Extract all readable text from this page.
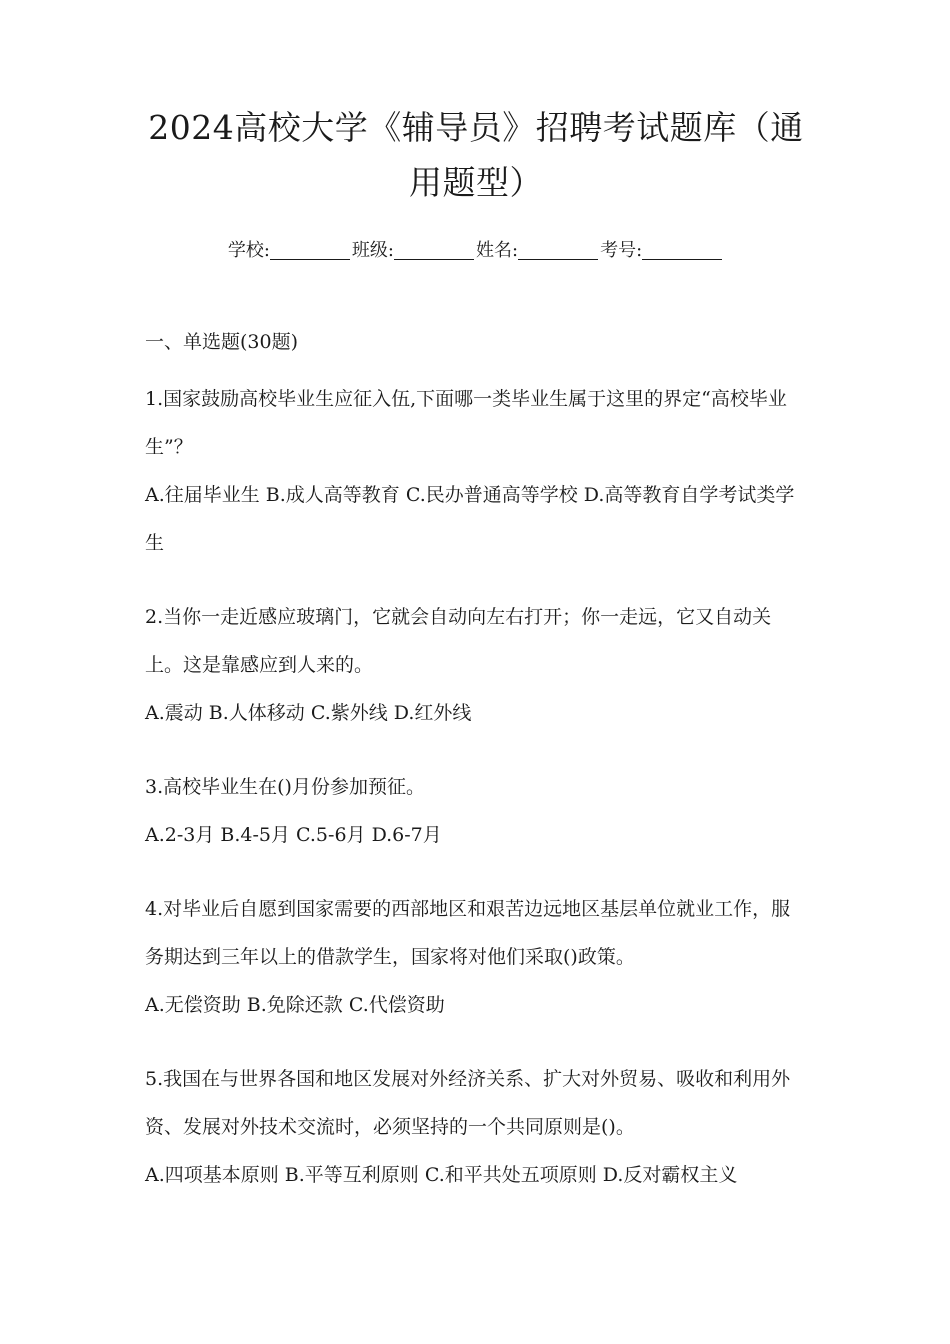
2024高校大学《辅导员》招聘考试题库（通用题型）
学校:	班级:	姓名:	考号:
一、单选题(30题)

1.国家鼓励高校毕业生应征入伍,下面哪一类毕业生属于这里的界定“高校毕业生”？

A.往届毕业生 B.成人高等教育 C.民办普通高等学校 D.高等教育自学考试类学生

2.当你一走近感应玻璃门，它就会自动向左右打开；你一走远，它又自动关上。这是靠感应到人来的。

A.震动 B.人体移动 C.紫外线 D.红外线

3.高校毕业生在()月份参加预征。

A.2-3月 B.4-5月 C.5-6月 D.6-7月

4.对毕业后自愿到国家需要的西部地区和艰苦边远地区基层单位就业工作，服务期达到三年以上的借款学生，国家将对他们采取()政策。

A.无偿资助 B.免除还款 C.代偿资助

5.我国在与世界各国和地区发展对外经济关系、扩大对外贸易、吸收和利用外资、发展对外技术交流时，必须坚持的一个共同原则是()。

A.四项基本原则 B.平等互利原则 C.和平共处五项原则 D.反对霸权主义
